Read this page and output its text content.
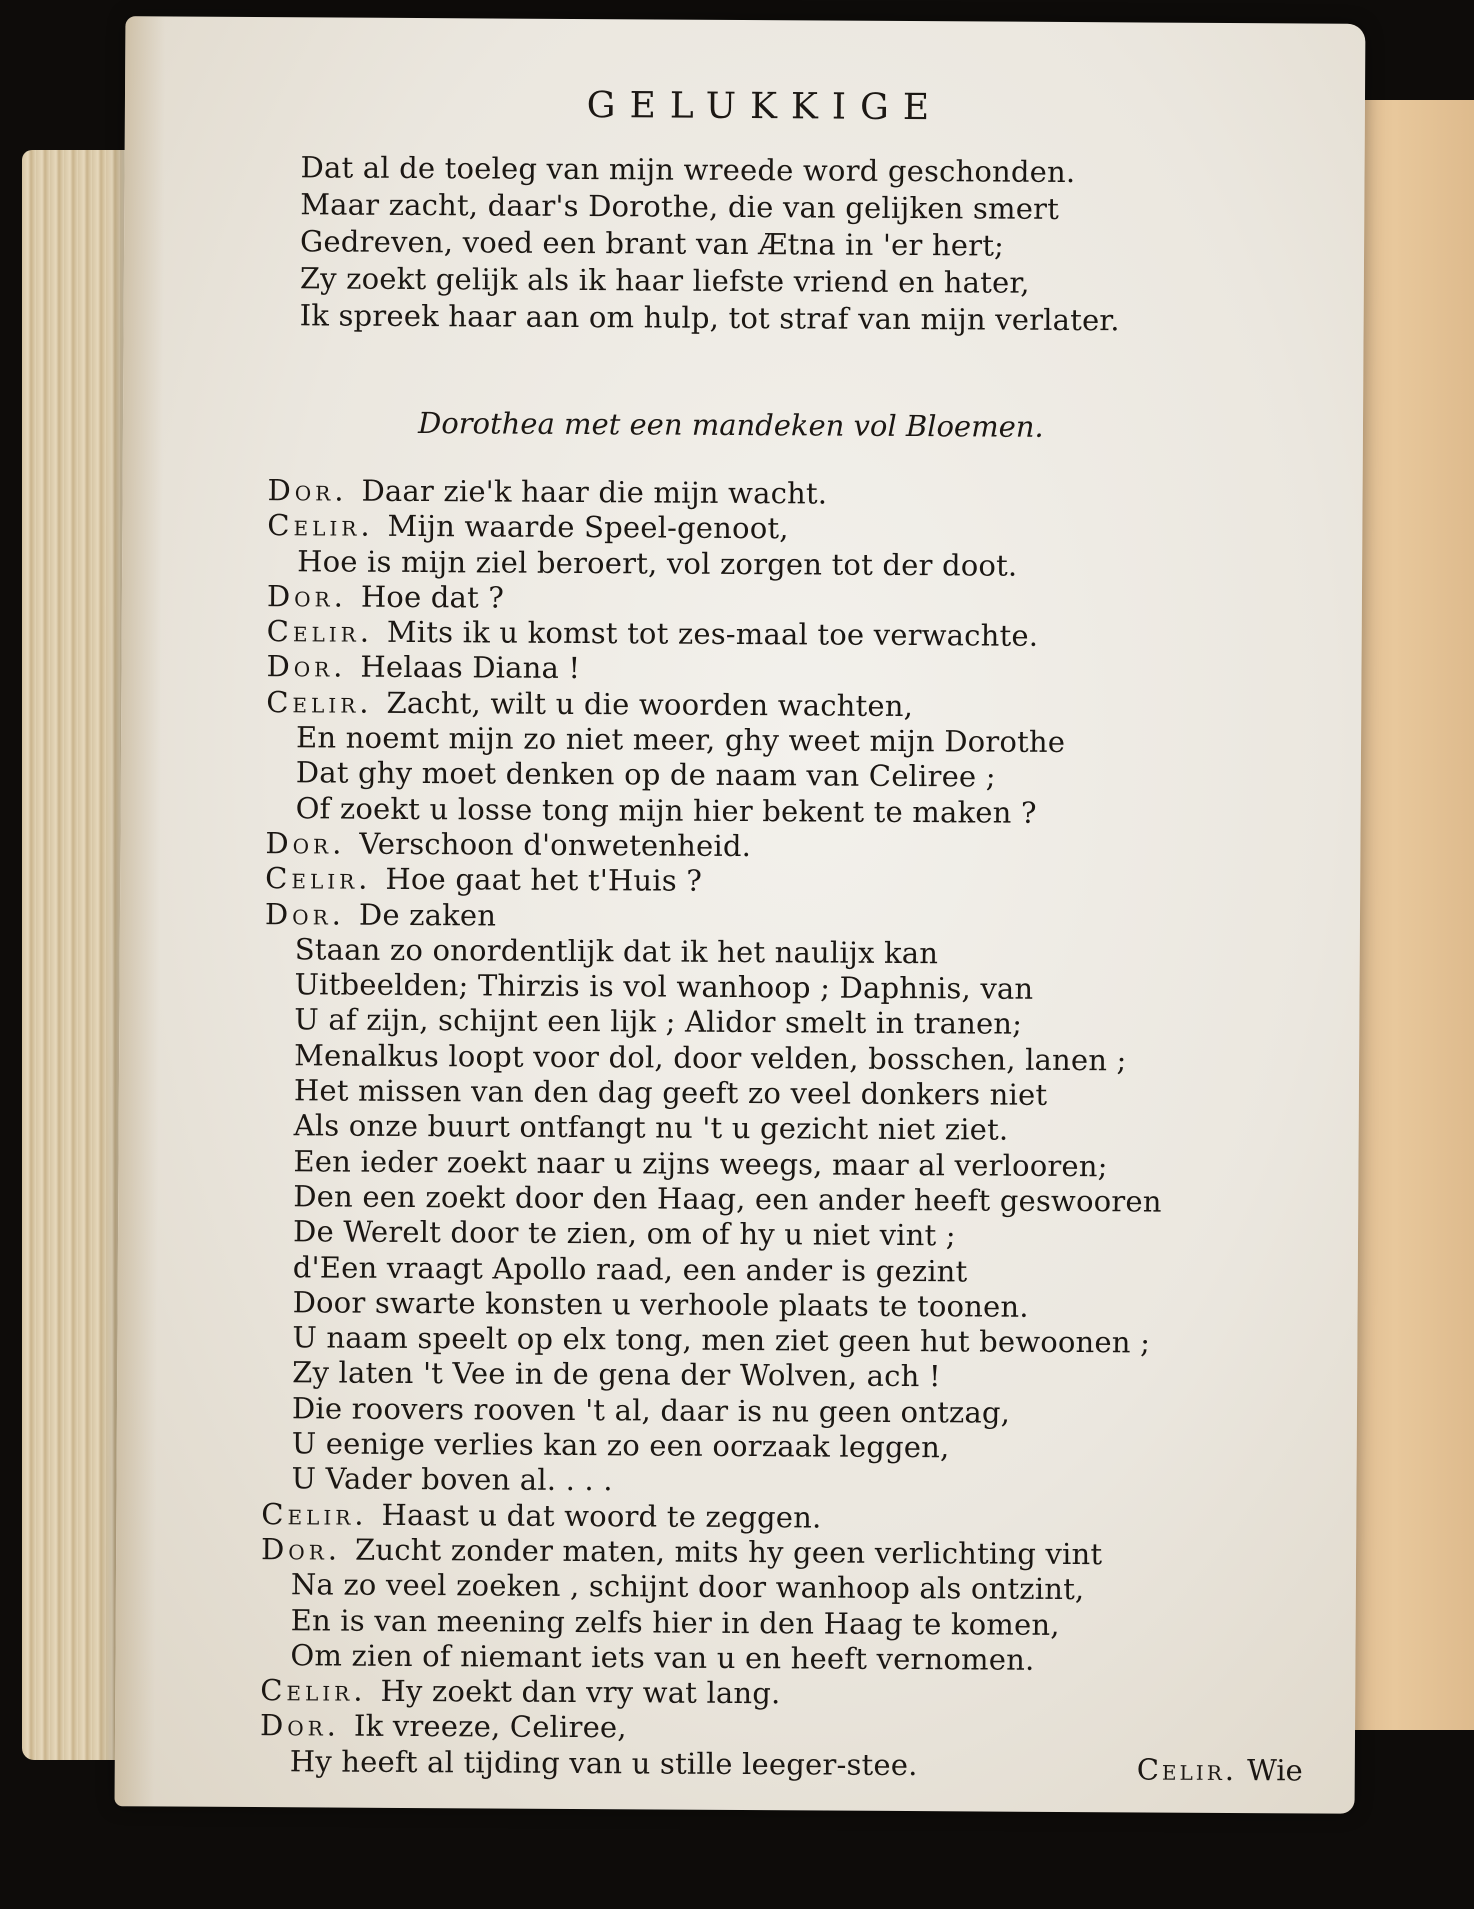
GELUKKIGE
Dat al de toeleg van mijn wreede word geschonden.
Maar zacht, daar's Dorothe, die van gelijken smert
Gedreven, voed een brant van Ætna in 'er hert;
Zy zoekt gelijk als ik haar liefste vriend en hater,
Ik spreek haar aan om hulp, tot straf van mijn verlater.
Dorothea met een mandeken vol Bloemen.
Dor. Daar zie'k haar die mijn wacht.
Celir. Mijn waarde Speel-genoot,
Hoe is mijn ziel beroert, vol zorgen tot der doot.
Dor. Hoe dat ?
Celir. Mits ik u komst tot zes-maal toe verwachte.
Dor. Helaas Diana !
Celir. Zacht, wilt u die woorden wachten,
En noemt mijn zo niet meer, ghy weet mijn Dorothe
Dat ghy moet denken op de naam van Celiree ;
Of zoekt u losse tong mijn hier bekent te maken ?
Dor. Verschoon d'onwetenheid.
Celir. Hoe gaat het t'Huis ?
Dor. De zaken
Staan zo onordentlijk dat ik het naulijx kan
Uitbeelden; Thirzis is vol wanhoop ; Daphnis, van
U af zijn, schijnt een lijk ; Alidor smelt in tranen;
Menalkus loopt voor dol, door velden, bosschen, lanen ;
Het missen van den dag geeft zo veel donkers niet
Als onze buurt ontfangt nu 't u gezicht niet ziet.
Een ieder zoekt naar u zijns weegs, maar al verlooren;
Den een zoekt door den Haag, een ander heeft geswooren
De Werelt door te zien, om of hy u niet vint ;
d'Een vraagt Apollo raad, een ander is gezint
Door swarte konsten u verhoole plaats te toonen.
U naam speelt op elx tong, men ziet geen hut bewoonen ;
Zy laten 't Vee in de gena der Wolven, ach !
Die roovers rooven 't al, daar is nu geen ontzag,
U eenige verlies kan zo een oorzaak leggen,
U Vader boven al. . . .
Celir. Haast u dat woord te zeggen.
Dor. Zucht zonder maten, mits hy geen verlichting vint
Na zo veel zoeken , schijnt door wanhoop als ontzint,
En is van meening zelfs hier in den Haag te komen,
Om zien of niemant iets van u en heeft vernomen.
Celir. Hy zoekt dan vry wat lang.
Dor. Ik vreeze, Celiree,
Hy heeft al tijding van u stille leeger-stee.	Celir. Wie
